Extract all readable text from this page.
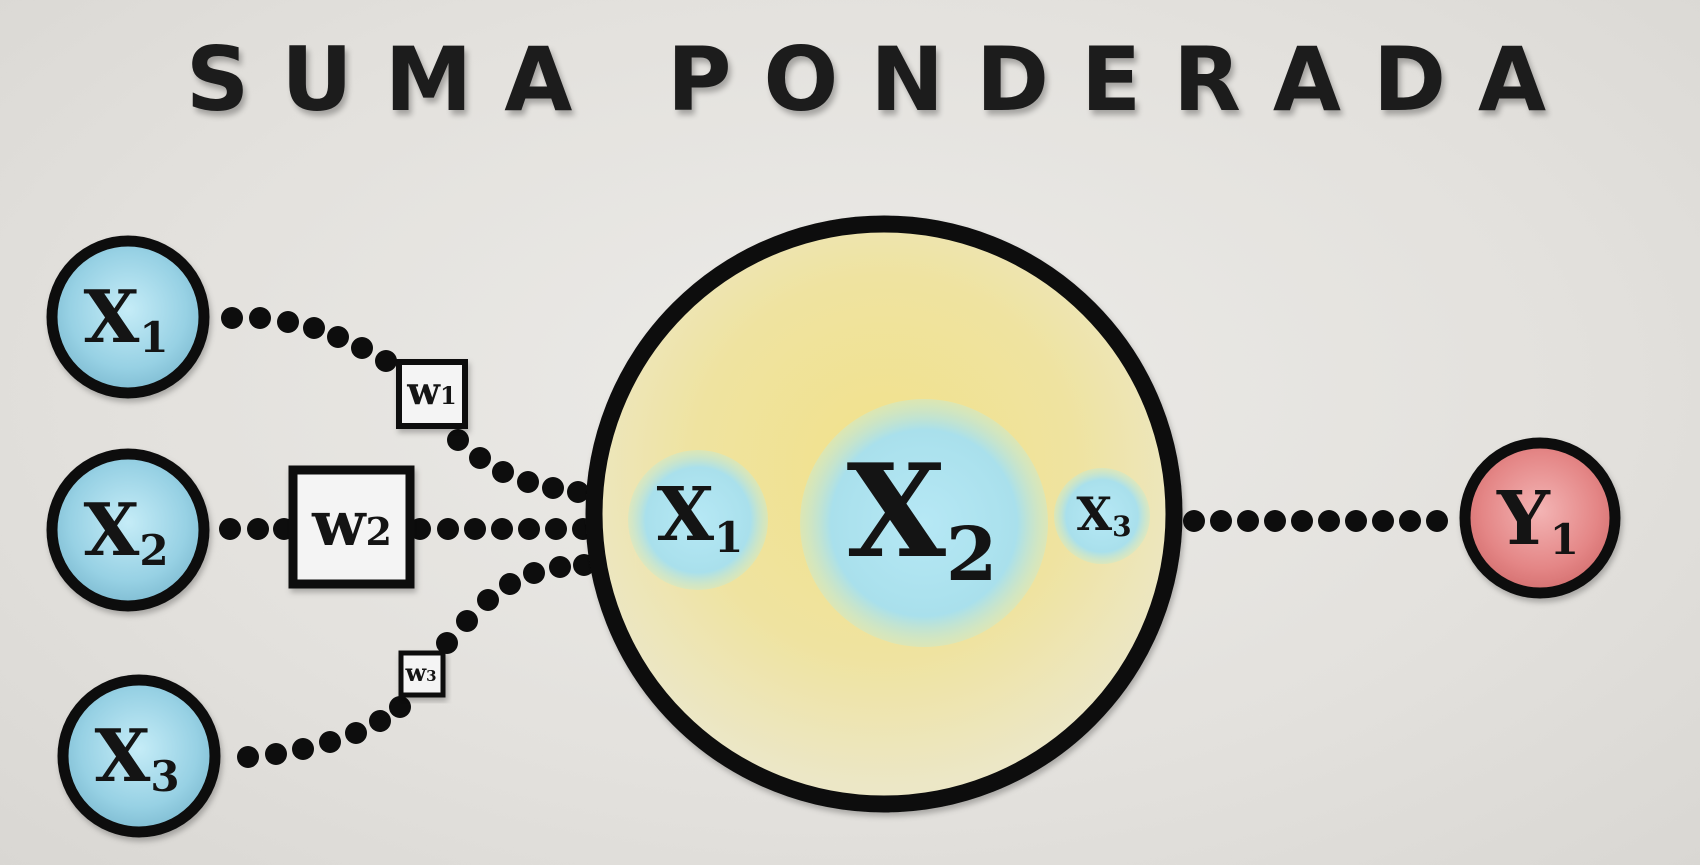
SUMA PONDERADA
X1 X2 X3
X1
X2
X3
w1
w2
w3
Y1
